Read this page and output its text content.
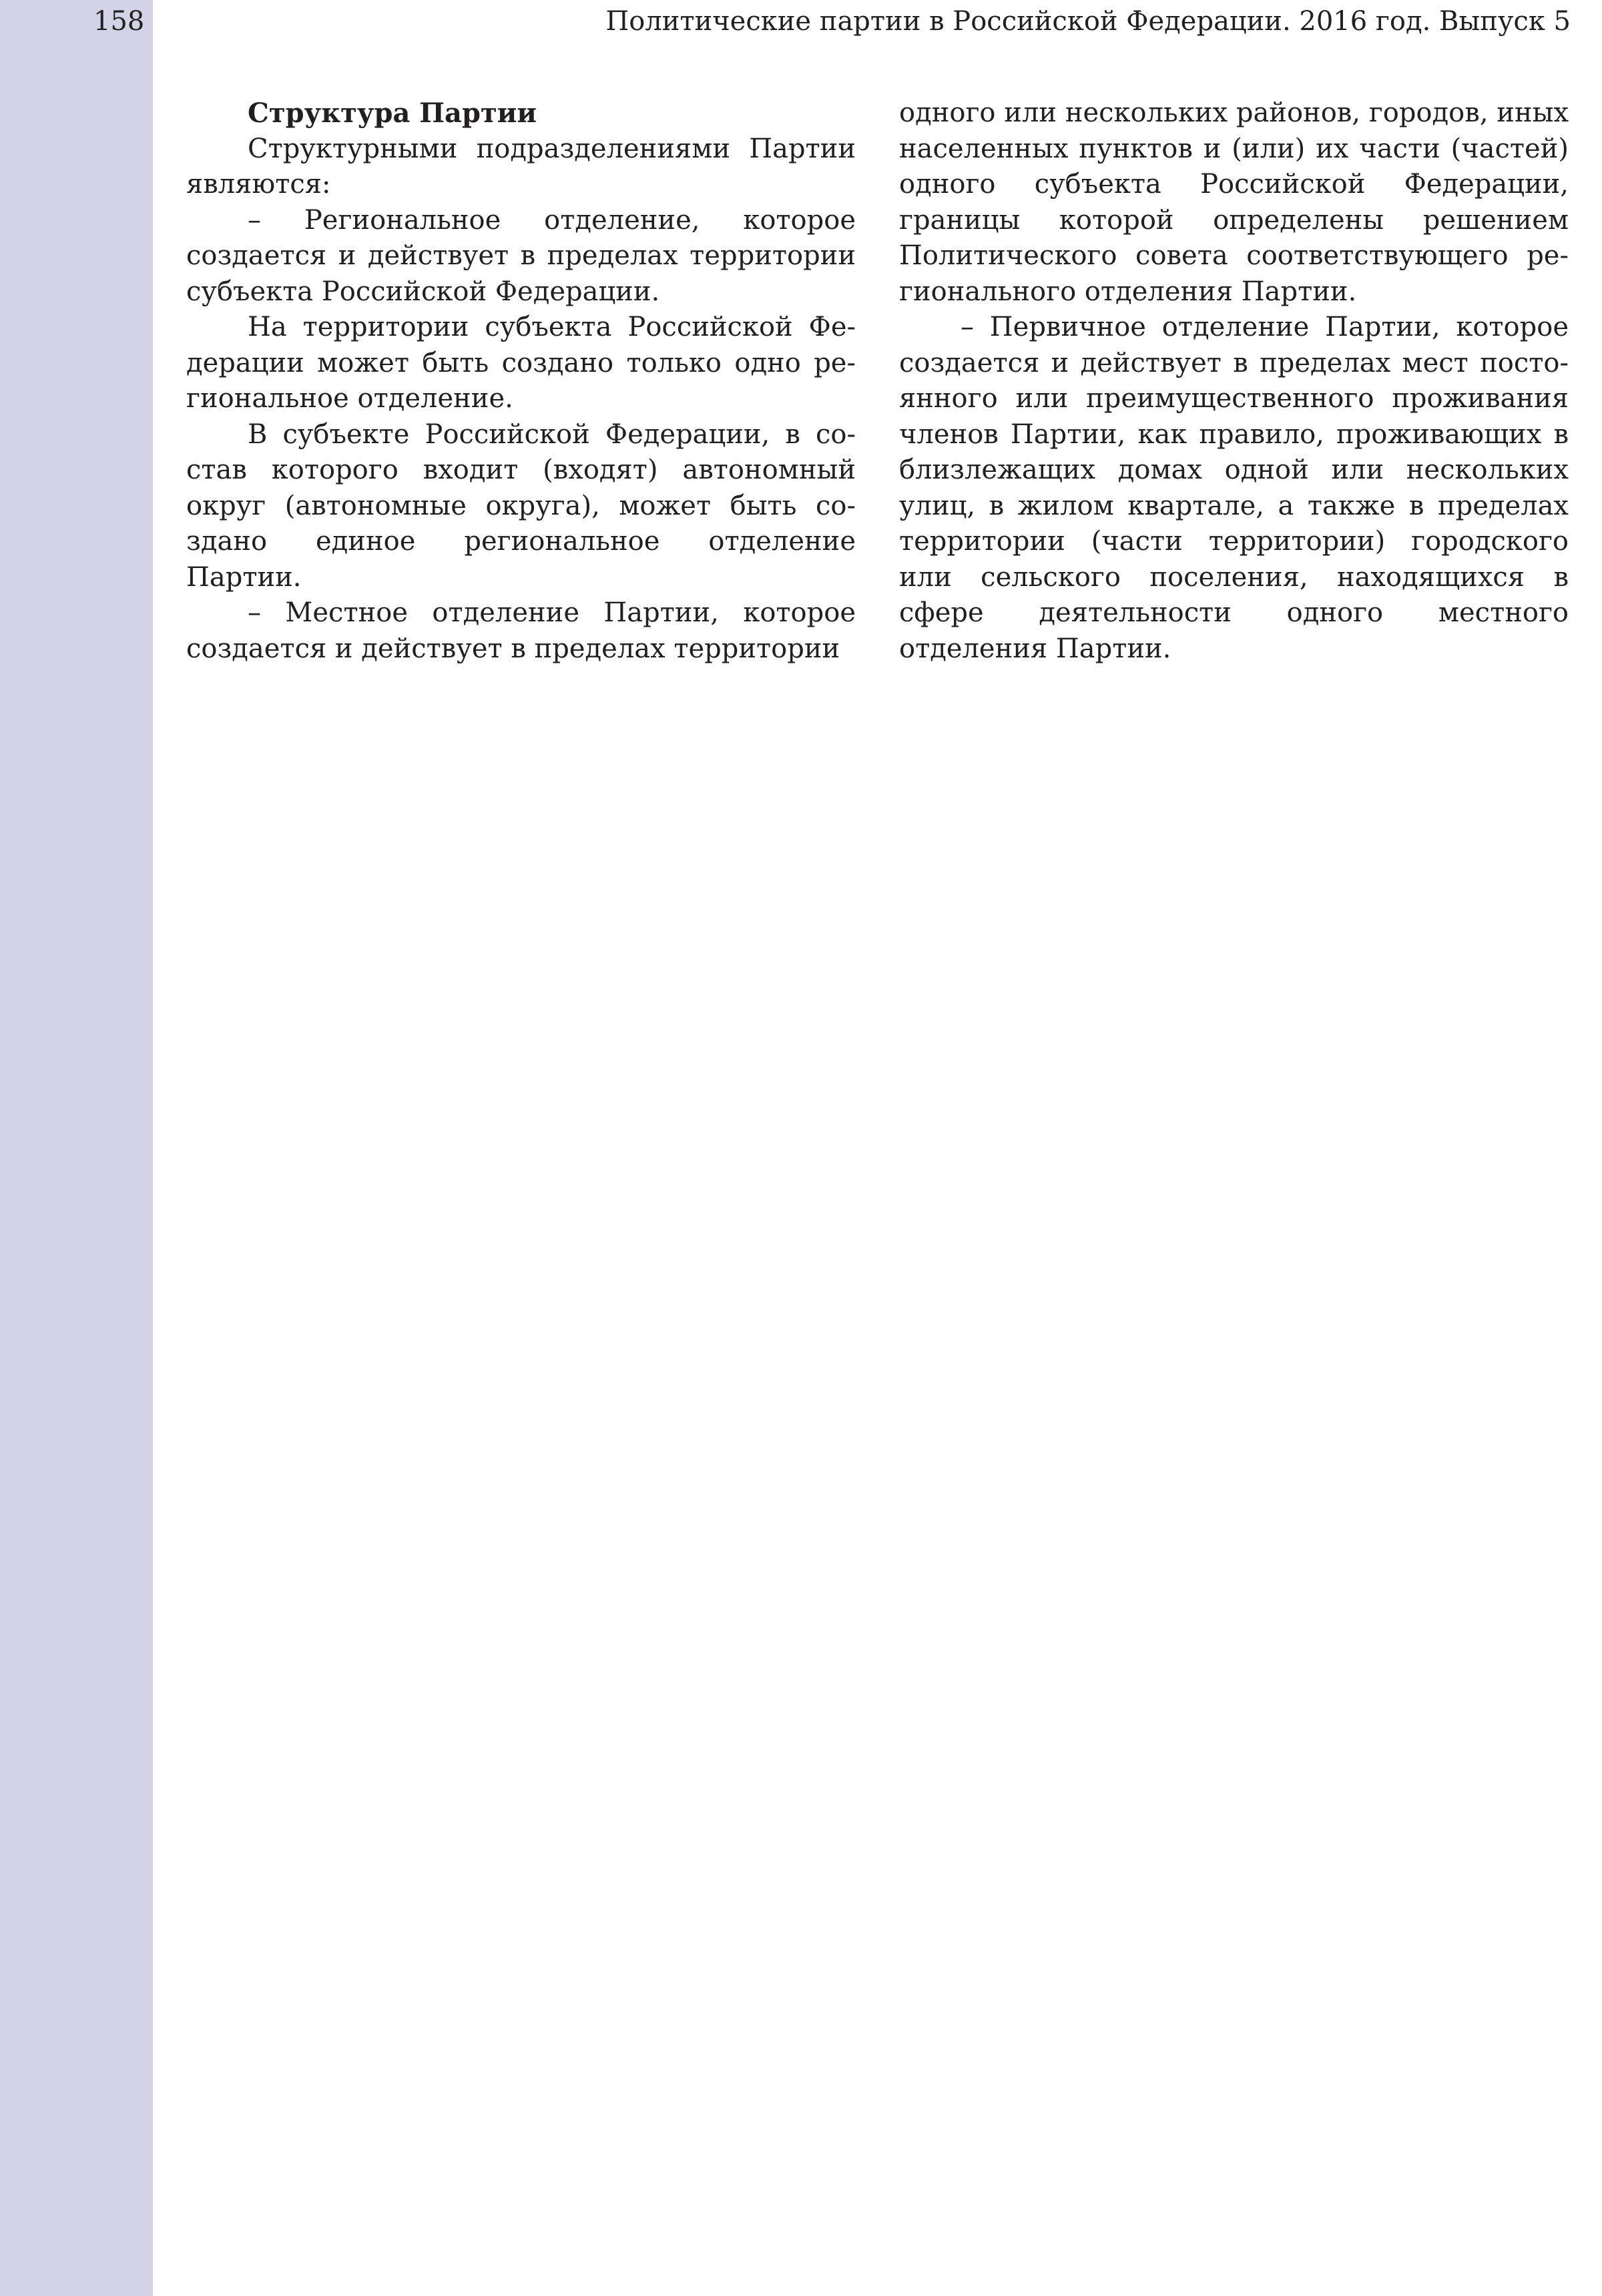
158	Политические партии в Российской Федерации. 2016 год. Выпуск 5
Структура Партии

Структурными подразделениями Партии являются:

– Региональное отделение, которое создается и действует в пределах территории субъекта Российской Федерации.

На территории субъекта Российской Федерации может быть создано только одно региональное отделение.

В субъекте Российской Федерации, в состав которого входит (входят) автономный округ (автономные округа), может быть создано единое региональное отделение Партии.

– Местное отделение Партии, которое создается и действует в пределах территории

одного или нескольких районов, городов, иных населенных пунктов и (или) их части (частей) одного субъекта Российской Федерации, границы которой определены решением Политического совета соответствующего регионального отделения Партии.

– Первичное отделение Партии, которое создается и действует в пределах мест постоянного или преимущественного проживания членов Партии, как правило, проживающих в близлежащих домах одной или нескольких улиц, в жилом квартале, а также в пределах территории (части территории) городского или сельского поселения, находящихся в сфере деятельности одного местного отделения Партии.
